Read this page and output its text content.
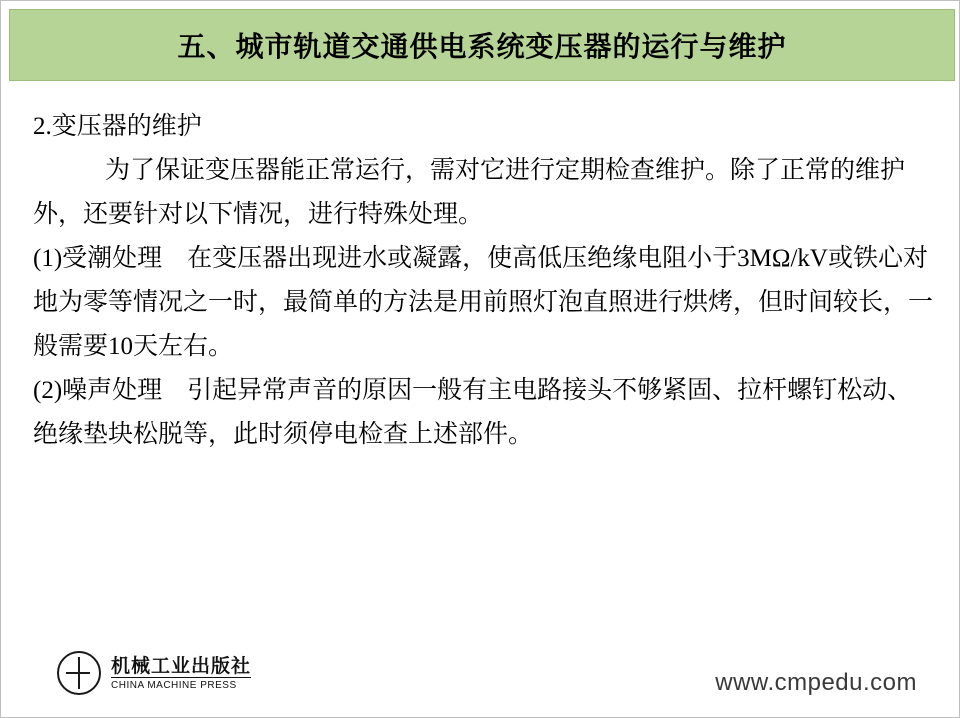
五、城市轨道交通供电系统变压器的运行与维护
2.变压器的维护
为了保证变压器能正常运行，需对它进行定期检查维护。除了正常的维护外，还要针对以下情况，进行特殊处理。
(1)受潮处理　在变压器出现进水或凝露，使高低压绝缘电阻小于3MΩ/kV或铁心对地为零等情况之一时，最简单的方法是用前照灯泡直照进行烘烤，但时间较长，一般需要10天左右。
(2)噪声处理　引起异常声音的原因一般有主电路接头不够紧固、拉杆螺钉松动、绝缘垫块松脱等，此时须停电检查上述部件。
机械工业出版社
CHINA MACHINE PRESS	www.cmpedu.com
